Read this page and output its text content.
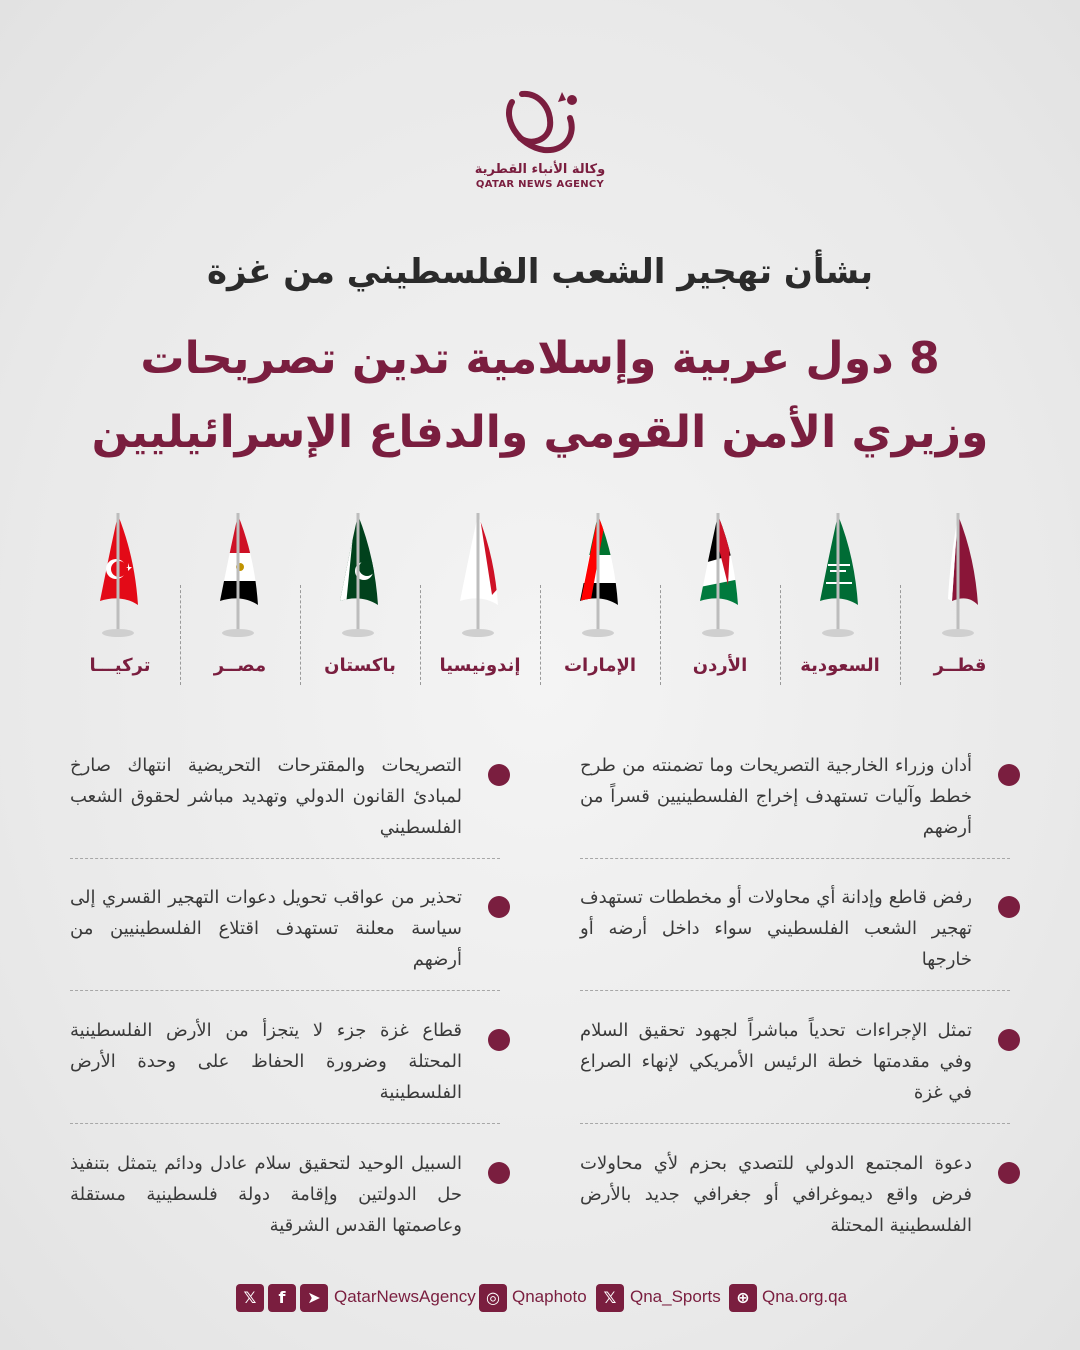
وكالة الأنباء القطرية
QATAR NEWS AGENCY
بشأن تهجير الشعب الفلسطيني من غزة
8 دول عربية وإسلامية تدين تصريحات
وزيري الأمن القومي والدفاع الإسرائيليين
قطــر
السعودية
الأردن
الإمارات
إندونيسيا
باكستان
مصــر
تركيـــا
أدان وزراء الخارجية التصريحات وما تضمنته من طرح خطط وآليات تستهدف إخراج الفلسطينيين قسراً من أرضهم
رفض قاطع وإدانة أي محاولات أو مخططات تستهدف تهجير الشعب الفلسطيني سواء داخل أرضه أو خارجها
تمثل الإجراءات تحدياً مباشراً لجهود تحقيق السلام وفي مقدمتها خطة الرئيس الأمريكي لإنهاء الصراع في غزة
دعوة المجتمع الدولي للتصدي بحزم لأي محاولات فرض واقع ديموغرافي أو جغرافي جديد بالأرض الفلسطينية المحتلة
التصريحات والمقترحات التحريضية انتهاك صارخ لمبادئ القانون الدولي وتهديد مباشر لحقوق الشعب الفلسطيني
تحذير من عواقب تحويل دعوات التهجير القسري إلى سياسة معلنة تستهدف اقتلاع الفلسطينيين من أرضهم
قطاع غزة جزء لا يتجزأ من الأرض الفلسطينية المحتلة وضرورة الحفاظ على وحدة الأرض الفلسطينية
السبيل الوحيد لتحقيق سلام عادل ودائم يتمثل بتنفيذ حل الدولتين وإقامة دولة فلسطينية مستقلة وعاصمتها القدس الشرقية
𝕏	f	➤ QatarNewsAgency ◎ Qnaphoto	𝕏 Qna_Sports ⊕ Qna.org.qa
